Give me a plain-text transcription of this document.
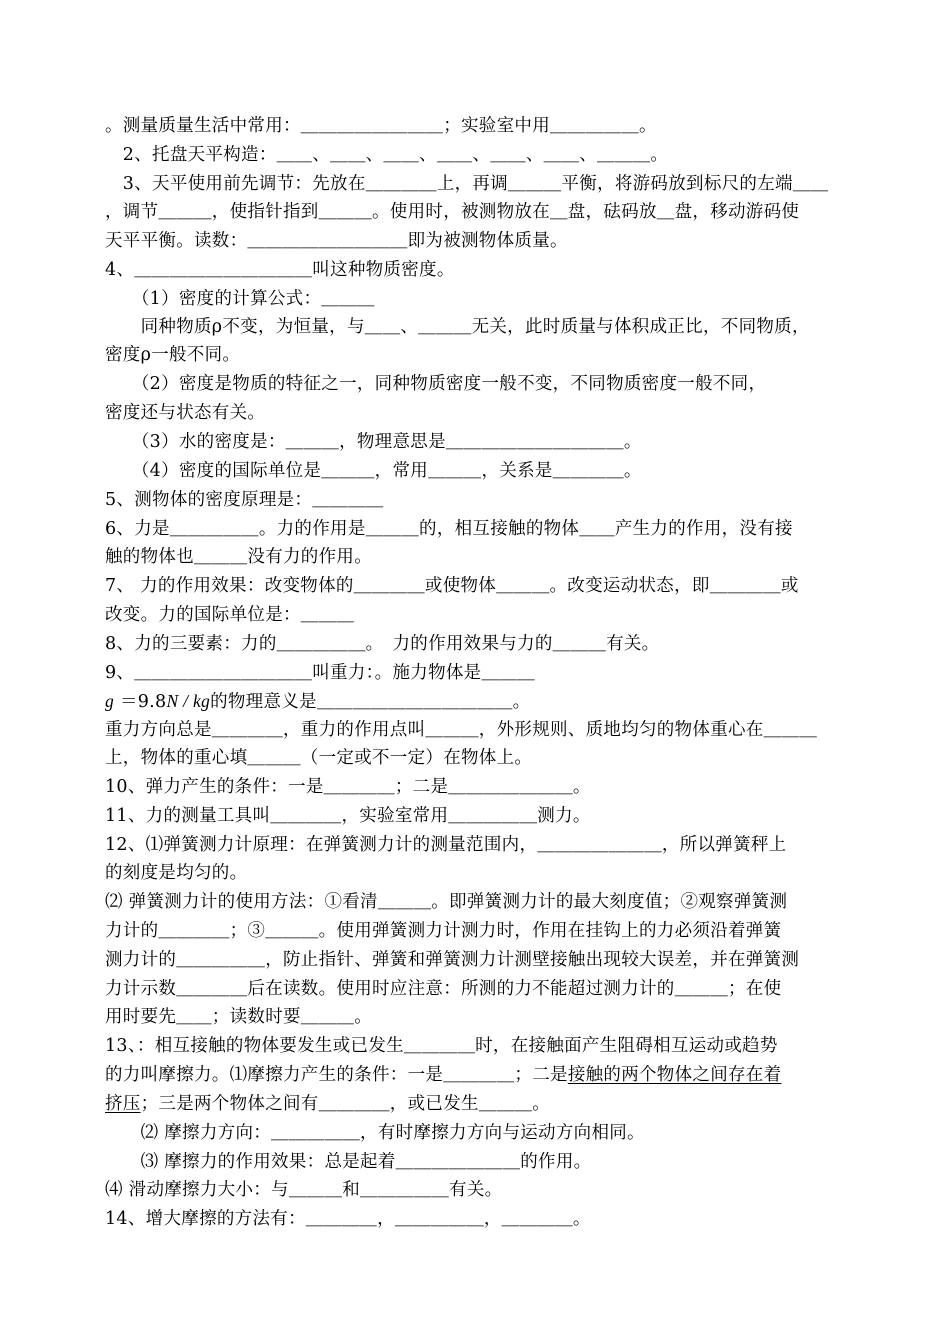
。测量质量生活中常用：＿＿＿＿＿＿＿＿；实验室中用＿＿＿＿＿。
　2、托盘天平构造：＿＿、＿＿、＿＿、＿＿、＿＿、＿＿、＿＿＿。
　3、天平使用前先调节：先放在＿＿＿＿上，再调＿＿＿平衡，将游码放到标尺的左端＿＿
，调节＿＿＿，使指针指到＿＿＿。使用时，被测物放在＿盘，砝码放＿盘，移动游码使
天平平衡。读数：＿＿＿＿＿＿＿＿＿即为被测物体质量。
4、＿＿＿＿＿＿＿＿＿＿叫这种物质密度。
　　（1）密度的计算公式：＿＿＿
　　同种物质ρ不变，为恒量，与＿＿、＿＿＿无关，此时质量与体积成正比，不同物质，
密度ρ一般不同。
　　（2）密度是物质的特征之一，同种物质密度一般不变，不同物质密度一般不同，
密度还与状态有关。
　　（3）水的密度是：＿＿＿，物理意思是＿＿＿＿＿＿＿＿＿＿。
　　（4）密度的国际单位是＿＿＿，常用＿＿＿，关系是＿＿＿＿。
5、测物体的密度原理是：＿＿＿＿
6、力是＿＿＿＿＿。力的作用是＿＿＿的，相互接触的物体＿＿产生力的作用，没有接
触的物体也＿＿＿没有力的作用。
7、 力的作用效果：改变物体的＿＿＿＿或使物体＿＿＿。改变运动状态，即＿＿＿＿或
改变。力的国际单位是：＿＿＿
8、力的三要素：力的＿＿＿＿＿。　力的作用效果与力的＿＿＿有关。
9、＿＿＿＿＿＿＿＿＿＿叫重力：。施力物体是＿＿＿
g ＝9.8N / kg的物理意义是＿＿＿＿＿＿＿＿＿＿＿。
重力方向总是＿＿＿＿，重力的作用点叫＿＿＿，外形规则、质地均匀的物体重心在＿＿＿
上，物体的重心填＿＿＿（一定或不一定）在物体上。
10、弹力产生的条件：一是＿＿＿＿；二是＿＿＿＿＿＿＿。
11、力的测量工具叫＿＿＿＿，实验室常用＿＿＿＿＿测力。
12、⑴弹簧测力计原理：在弹簧测力计的测量范围内，＿＿＿＿＿＿＿，所以弹簧秤上
的刻度是均匀的。
⑵ 弹簧测力计的使用方法：①看清＿＿＿。即弹簧测力计的最大刻度值；②观察弹簧测
力计的＿＿＿＿；③＿＿＿。使用弹簧测力计测力时，作用在挂钩上的力必须沿着弹簧
测力计的＿＿＿＿＿，防止指针、弹簧和弹簧测力计测壁接触出现较大误差，并在弹簧测
力计示数＿＿＿＿后在读数。使用时应注意：所测的力不能超过测力计的＿＿＿；在使
用时要先＿＿；读数时要＿＿＿。
13、：相互接触的物体要发生或已发生＿＿＿＿时，在接触面产生阻碍相互运动或趋势
的力叫摩擦力。⑴摩擦力产生的条件：一是＿＿＿＿；二是接触的两个物体之间存在着
挤压；三是两个物体之间有＿＿＿＿，或已发生＿＿＿。
　　⑵ 摩擦力方向：＿＿＿＿＿，有时摩擦力方向与运动方向相同。
　　⑶ 摩擦力的作用效果：总是起着＿＿＿＿＿＿＿的作用。
⑷ 滑动摩擦力大小：与＿＿＿和＿＿＿＿＿有关。
14、增大摩擦的方法有：＿＿＿＿，＿＿＿＿＿，＿＿＿＿。
